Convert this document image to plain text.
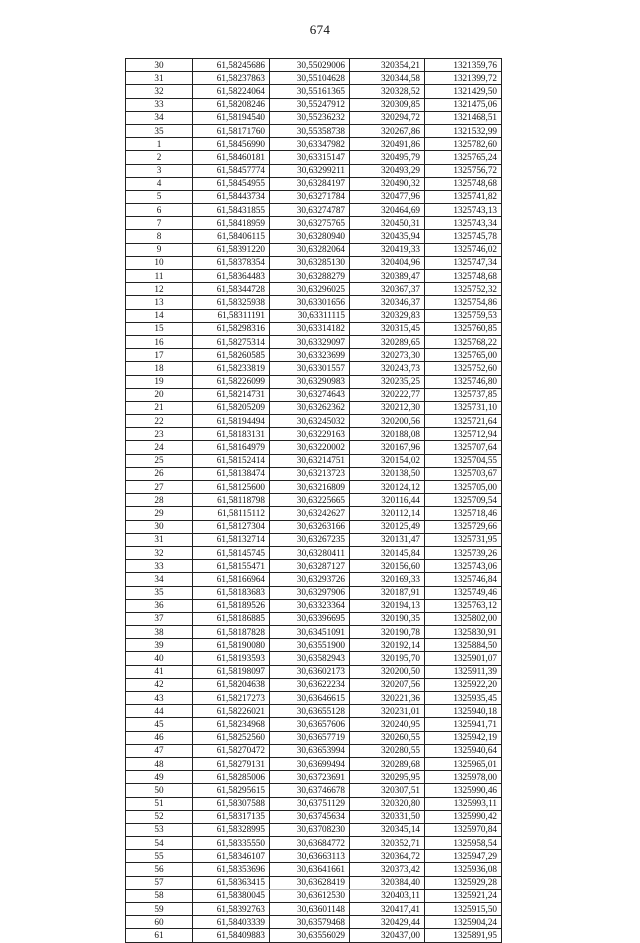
674
30	61,58245686	30,55029006	320354,21	1321359,76
31	61,58237863	30,55104628	320344,58	1321399,72
32	61,58224064	30,55161365	320328,52	1321429,50
33	61,58208246	30,55247912	320309,85	1321475,06
34	61,58194540	30,55236232	320294,72	1321468,51
35	61,58171760	30,55358738	320267,86	1321532,99
1	61,58456990	30,63347982	320491,86	1325782,60
2	61,58460181	30,63315147	320495,79	1325765,24
3	61,58457774	30,63299211	320493,29	1325756,72
4	61,58454955	30,63284197	320490,32	1325748,68
5	61,58443734	30,63271784	320477,96	1325741,82
6	61,58431855	30,63274787	320464,69	1325743,13
7	61,58418959	30,63275765	320450,31	1325743,34
8	61,58406115	30,63280940	320435,94	1325745,78
9	61,58391220	30,63282064	320419,33	1325746,02
10	61,58378354	30,63285130	320404,96	1325747,34
11	61,58364483	30,63288279	320389,47	1325748,68
12	61,58344728	30,63296025	320367,37	1325752,32
13	61,58325938	30,63301656	320346,37	1325754,86
14	61,58311191	30,63311115	320329,83	1325759,53
15	61,58298316	30,63314182	320315,45	1325760,85
16	61,58275314	30,63329097	320289,65	1325768,22
17	61,58260585	30,63323699	320273,30	1325765,00
18	61,58233819	30,63301557	320243,73	1325752,60
19	61,58226099	30,63290983	320235,25	1325746,80
20	61,58214731	30,63274643	320222,77	1325737,85
21	61,58205209	30,63262362	320212,30	1325731,10
22	61,58194494	30,63245032	320200,56	1325721,64
23	61,58183131	30,63229163	320188,08	1325712,94
24	61,58164979	30,63220002	320167,96	1325707,64
25	61,58152414	30,63214751	320154,02	1325704,55
26	61,58138474	30,63213723	320138,50	1325703,67
27	61,58125600	30,63216809	320124,12	1325705,00
28	61,58118798	30,63225665	320116,44	1325709,54
29	61,58115112	30,63242627	320112,14	1325718,46
30	61,58127304	30,63263166	320125,49	1325729,66
31	61,58132714	30,63267235	320131,47	1325731,95
32	61,58145745	30,63280411	320145,84	1325739,26
33	61,58155471	30,63287127	320156,60	1325743,06
34	61,58166964	30,63293726	320169,33	1325746,84
35	61,58183683	30,63297906	320187,91	1325749,46
36	61,58189526	30,63323364	320194,13	1325763,12
37	61,58186885	30,63396695	320190,35	1325802,00
38	61,58187828	30,63451091	320190,78	1325830,91
39	61,58190080	30,63551900	320192,14	1325884,50
40	61,58193593	30,63582943	320195,70	1325901,07
41	61,58198097	30,63602173	320200,50	1325911,39
42	61,58204638	30,63622234	320207,56	1325922,20
43	61,58217273	30,63646615	320221,36	1325935,45
44	61,58226021	30,63655128	320231,01	1325940,18
45	61,58234968	30,63657606	320240,95	1325941,71
46	61,58252560	30,63657719	320260,55	1325942,19
47	61,58270472	30,63653994	320280,55	1325940,64
48	61,58279131	30,63699494	320289,68	1325965,01
49	61,58285006	30,63723691	320295,95	1325978,00
50	61,58295615	30,63746678	320307,51	1325990,46
51	61,58307588	30,63751129	320320,80	1325993,11
52	61,58317135	30,63745634	320331,50	1325990,42
53	61,58328995	30,63708230	320345,14	1325970,84
54	61,58335550	30,63684772	320352,71	1325958,54
55	61,58346107	30,63663113	320364,72	1325947,29
56	61,58353696	30,63641661	320373,42	1325936,08
57	61,58363415	30,63628419	320384,40	1325929,28
58	61,58380045	30,63612530	320403,11	1325921,24
59	61,58392763	30,63601148	320417,41	1325915,50
60	61,58403339	30,63579468	320429,44	1325904,24
61	61,58409883	30,63556029	320437,00	1325891,95
